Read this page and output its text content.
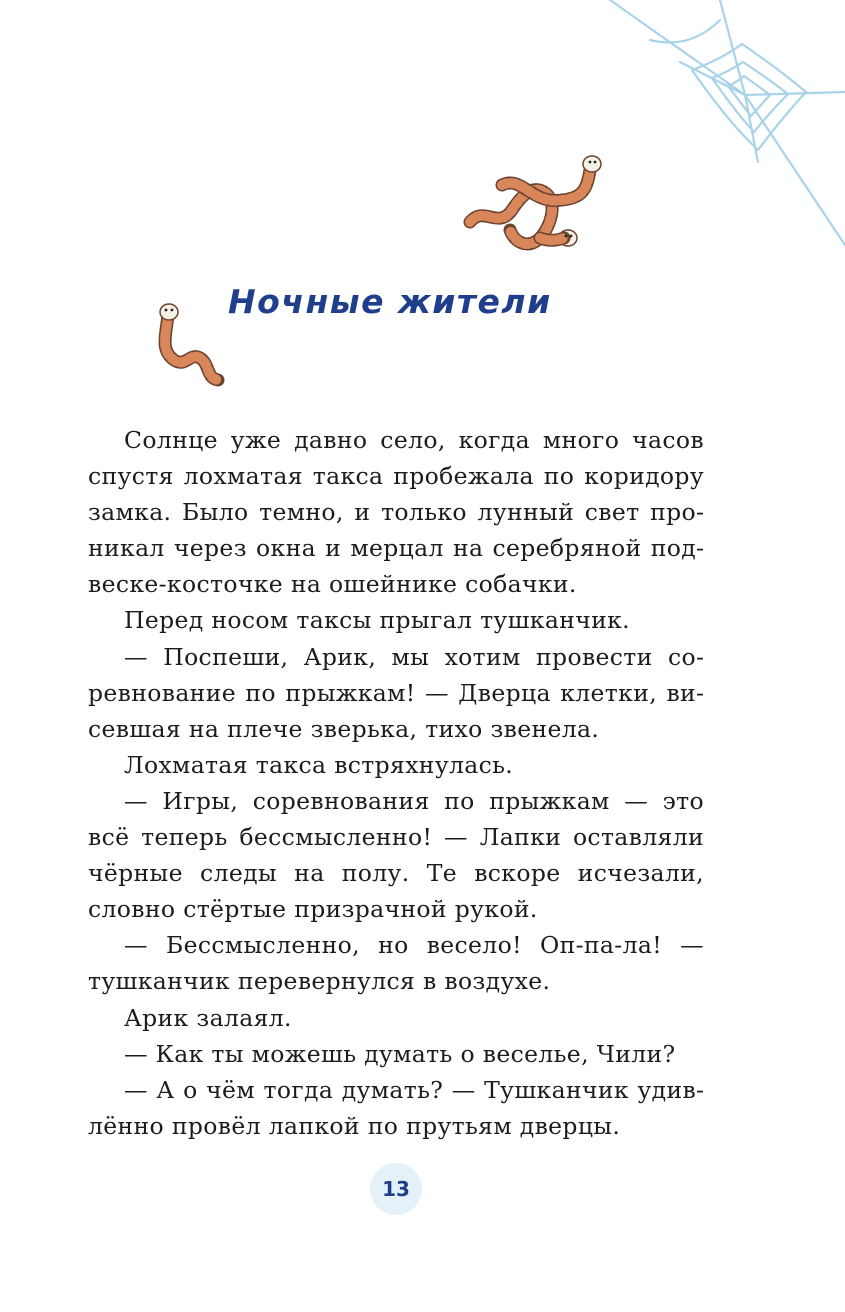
Ночные жители

Солнце уже давно село, когда много часов спустя лохматая такса пробежала по коридору замка. Было темно, и только лунный свет проникал через окна и мерцал на серебряной подвеске-косточке на ошейнике собачки.

Перед носом таксы прыгал тушканчик.

— Поспеши, Арик, мы хотим провести соревнование по прыжкам! — Дверца клетки, висевшая на плече зверька, тихо звенела.

Лохматая такса встряхнулась.

— Игры, соревнования по прыжкам — это всё теперь бессмысленно! — Лапки оставляли чёрные следы на полу. Те вскоре исчезали, словно стёртые призрачной рукой.

— Бессмысленно, но весело! Оп-па-ла! — тушканчик перевернулся в воздухе.

Арик залаял.

— Как ты можешь думать о веселье, Чили?

— А о чём тогда думать? — Тушканчик удивлённо провёл лапкой по прутьям дверцы.

13
